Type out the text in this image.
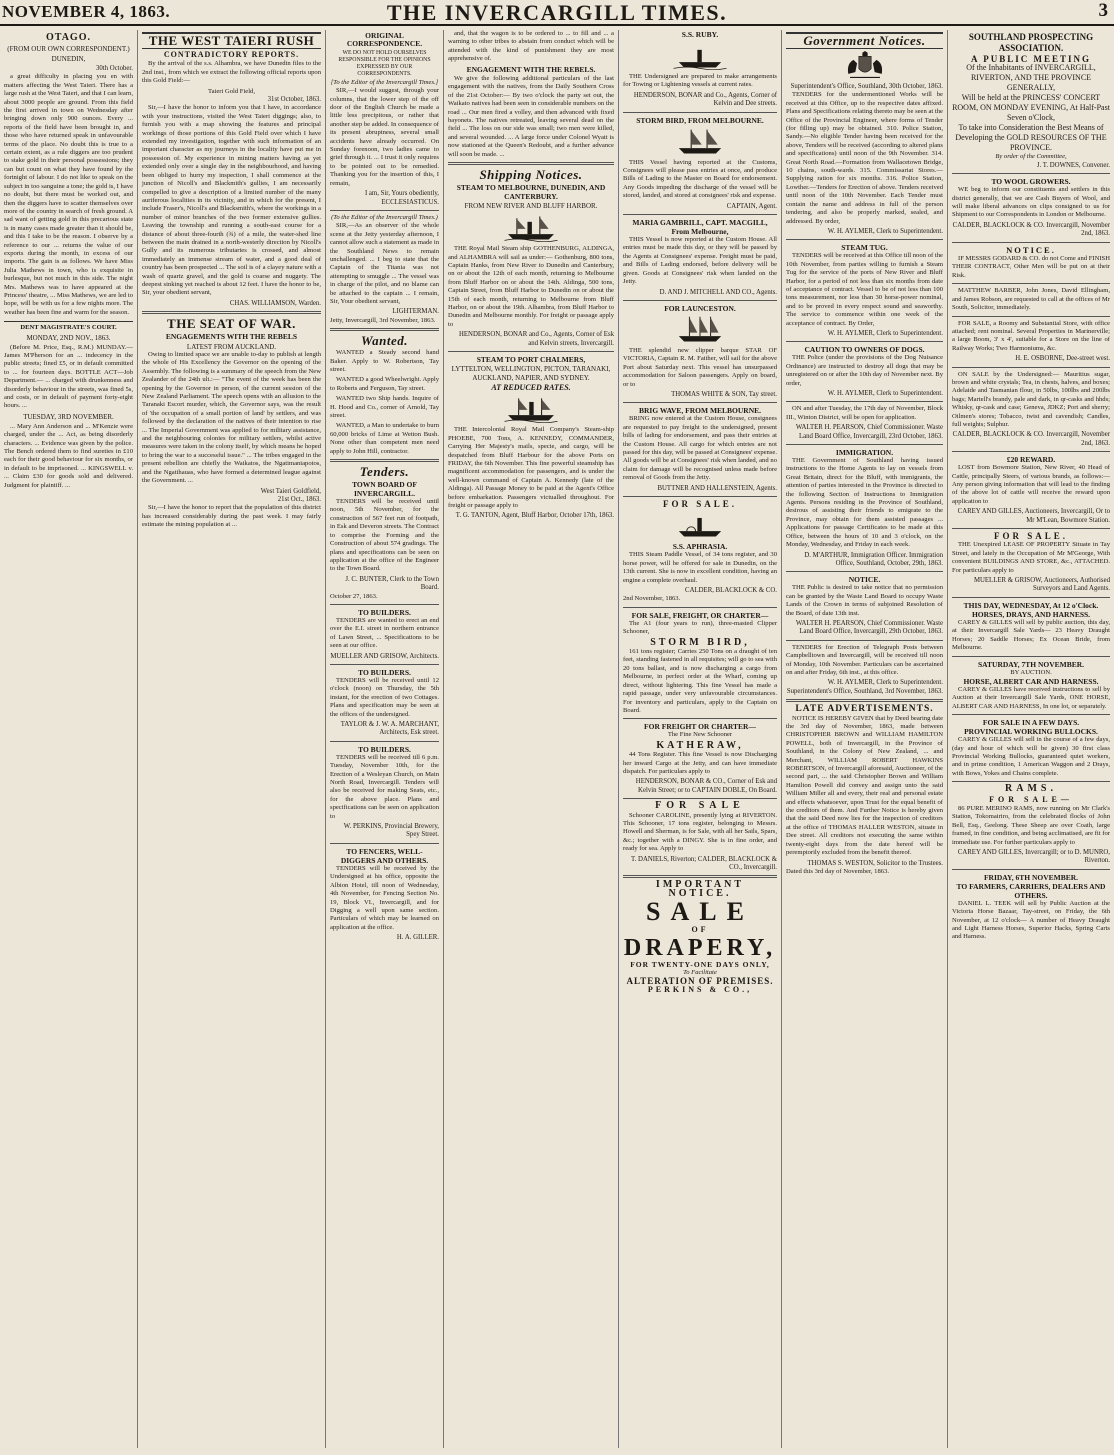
NOVEMBER 4, 1863.	THE INVERCARGILL TIMES.	3
OTAGO.
(FROM OUR OWN CORRESPONDENT.)
DUNEDIN,
30th October.

a great difficulty in placing you en with matters affecting the West Taieri. There has a large rush at the West Taieri, and that I can learn, about 3000 people are ground. From this field the first arrived in town on Wednesday after bringing down only 900 ounces. Every ... reports of the field have been brought in, and those who have returned speak in unfavourable terms of the place. No doubt this is true to a certain extent, as a rule diggers are too prudent to stake gold in their personal possessions; they can but count on what they have found by the fortnight of labour. I do not like to speak on the subject in too sanguine a tone; the gold is, I have no doubt, but there must be worked out, and then the diggers have to scatter themselves over more of the country in search of fresh ground. A sad want of getting gold in this precarious state is in many cases made greater than it should be, and this I take to be the reason. I observe by a reference to our ... returns the value of our exports during the month, in excess of our imports. The gain is as follows. We have Miss Julia Mathews in town, who is exquisite in burlesque, but not much in this side. The night Mrs. Mathews was to have appeared at the Princess' theatre, ... Miss Mathews, we are led to hope, will be with us for a few nights more. The weather has been fine and warm for the season.

DENT MAGISTRATE'S COURT.
MONDAY, 2ND NOV., 1863.

(Before M. Price, Esq., R.M.) MUNDAY.—James M'Pherson for an ... indecency in the public streets; fined £5, or in default committed to ... for fourteen days. BOTTLE ACT—Job Department.— ... charged with drunkenness and disorderly behaviour in the streets, was fined 5s, and costs, or in default of payment forty-eight hours. ...

TUESDAY, 3RD NOVEMBER.

... Mary Ann Anderson and ... M'Kenzie were charged, under the ... Act, as being disorderly characters. ... Evidence was given by the police. The Bench ordered them to find sureties in £10 each for their good behaviour for six months, or in default to be imprisoned. ... KINGSWELL v. ... Claim £30 for goods sold and delivered. Judgment for plaintiff. ...

THE WEST TAIERI RUSH
CONTRADICTORY REPORTS.

By the arrival of the s.s. Alhambra, we have Dunedin files to the 2nd inst., from which we extract the following official reports upon this Gold Field:—

Taieri Gold Field,
31st October, 1863.

Sir,—I have the honor to inform you that I have, in accordance with your instructions, visited the West Taieri diggings; also, to furnish you with a map showing the features and principal workings of those portions of this Gold Field over which I have extended my investigation, together with such information of an important character as my journeys in the locality have put me in possession of. My experience in mining matters having as yet extended only over a single day in the neighbourhood, and having been obliged to hurry my inspection, I shall commence at the junction of Nicoll's and Blackmith's gullies, I am necessarily compelled to give a description of a limited number of the many auriferous localities in its vicinity, and in which for the present, I include Fraser's, Nicoll's and Blacksmith's, where the workings in a number of minor branches of the two former extensive gullies. Leaving the township and running a south-east course for a distance of about three-fourth (¾) of a mile, the water-shed line between the main drained in a north-westerly direction by Nicoll's Gully and its numerous tributaries is crossed, and almost immediately an immense stream of water, and a good deal of country has been prospected ... The soil is of a clayey nature with a wash of quartz gravel, and the gold is coarse and nuggety. The deepest sinking yet reached is about 12 feet. I have the honor to be, Sir, your obedient servant,

CHAS. WILLIAMSON, Warden.
THE SEAT OF WAR.
ENGAGEMENTS WITH THE REBELS
LATEST FROM AUCKLAND.

Owing to limited space we are unable to-day to publish at length the whole of His Excellency the Governor on the opening of the Assembly. The following is a summary of the speech from the New Zealander of the 24th ult.:— "The event of the week has been the opening by the Governor in person, of the current session of the New Zealand Parliament. The speech opens with an allusion to the Taranaki Escort murder, which, the Governor says, was the result of 'the occupation of a small portion of land' by settlers, and was followed by the declaration of the natives of their intention to rise ... The Imperial Government was applied to for military assistance, and the neighbouring colonies for military settlers, whilst active measures were taken in the colony itself, by which means he hoped to bring the war to a successful issue." ... The tribes engaged in the present rebellion are chiefly the Waikatos, the Ngatimaniapotos, and the Ngatihauas, who have formed a determined league against the Government. ...

West Taieri Goldfield,
21st Oct., 1863.

Sir,—I have the honor to report that the population of this district has increased considerably during the past week. I may fairly estimate the mining population at ...

ORIGINAL CORRESPONDENCE.
WE DO NOT HOLD OURSELVES RESPONSIBLE FOR THE OPINIONS EXPRESSED BY OUR CORRESPONDENTS.
[To the Editor of the Invercargill Times.]

SIR,—I would suggest, through your columns, that the lower step of the off door of the English Church be made a little less precipitous, or rather that another step be added. In consequence of its present abruptness, several small accidents have already occurred. On Sunday forenoon, two ladies came to grief through it. ... I trust it only requires to be pointed out to be remedied. Thanking you for the insertion of this, I remain,

I am, Sir, Yours obediently,
ECCLESIASTICUS.
(To the Editor of the Invercargill Times.)

SIR,—As an observer of the whole scene at the Jetty yesterday afternoon, I cannot allow such a statement as made in the Southland News to remain unchallenged. ... I beg to state that the Captain of the Titania was not attempting to smuggle ... The vessel was in charge of the pilot, and no blame can be attached to the captain ... I remain, Sir, Your obedient servant,

LIGHTERMAN.
Jetty, Invercargill, 3rd November, 1863.
Wanted.

WANTED a Steady second hand Baker. Apply to W. Robertson, Tay street.

WANTED a good Wheelwright. Apply to Roberts and Ferguson, Tay street.

WANTED two Ship hands. Inquire of H. Hood and Co., corner of Arnold, Tay street.

WANTED, a Man to undertake to burn 60,000 bricks of Lime at Wetton Bush. None other than competent men need apply to John Hill, contractor.

Tenders.
TOWN BOARD OF INVERCARGILL.

TENDERS will be received until noon, 5th November, for the construction of 567 feet run of footpath, in Esk and Deveron streets. The Contract to comprise the Forming and the Construction of about 574 gradings. The plans and specifications can be seen on application at the office of the Engineer to the Town Board.

J. C. BUNTER, Clerk to the Town Board.
October 27, 1863.
TO BUILDERS.

TENDERS are wanted to erect an end over the E.I. street in northern entrance of Lawn Street, ... Specifications to be seen at our office.

MUELLER AND GRISOW, Architects.
TO BUILDERS.

TENDERS will be received until 12 o'clock (noon) on Thursday, the 5th instant, for the erection of two Cottages. Plans and specification may be seen at the offices of the undersigned.

TAYLOR & J. W. A. MARCHANT, Architects, Esk street.
TO BUILDERS.

TENDERS will be received till 6 p.m. Tuesday, November 10th, for the Erection of a Wesleyan Church, on Main North Road, Invercargill. Tenders will also be received for making Seats, etc., for the above place. Plans and specifications can be seen on application to

W. PERKINS, Provincial Brewery, Spey Street.
TO FENCERS, WELL-DIGGERS AND OTHERS.

TENDERS will be received by the Undersigned at his office, opposite the Albion Hotel, till noon of Wednesday, 4th November, for Fencing Section No. 19, Block VI., Invercargill, and for Digging a well upon same section. Particulars of which may be learned on application at the office.

H. A. GILLER.

and, that the wagon is to be ordered to ... to fill and ... a warning to other tribes to abstain from conduct which will be attended with the kind of punishment they are most apprehensive of.

ENGAGEMENT WITH THE REBELS.

We give the following additional particulars of the last engagement with the natives, from the Daily Southern Cross of the 21st October:— By two o'clock the party set out, the Waikato natives had been seen in considerable numbers on the road ... Our men fired a volley, and then advanced with fixed bayonets. The natives retreated, leaving several dead on the field ... The loss on our side was small; two men were killed, and several wounded. ... A large force under Colonel Wyatt is now stationed at the Queen's Redoubt, and a further advance will soon be made. ...

Shipping Notices.
STEAM TO MELBOURNE, DUNEDIN, AND CANTERBURY.
FROM NEW RIVER AND BLUFF HARBOR.

THE Royal Mail Steam ship GOTHENBURG, ALDINGA, and ALHAMBRA will sail as under:— Gothenburg, 800 tons, Captain Hanks, from New River to Dunedin and Canterbury, on or about the 12th of each month, returning to Melbourne from Bluff Harbor on or about the 14th. Aldinga, 500 tons, Captain Street, from Bluff Harbor to Dunedin on or about the 15th of each month, returning to Melbourne from Bluff Harbor, on or about the 19th. Alhambra, from Bluff Harbor to Dunedin and Melbourne monthly. For freight or passage apply to

HENDERSON, BONAR and Co., Agents, Corner of Esk and Kelvin streets, Invercargill.
STEAM TO PORT CHALMERS,
LYTTELTON, WELLINGTON, PICTON, TARANAKI, AUCKLAND, NAPIER, AND SYDNEY.
AT REDUCED RATES.

THE Intercolonial Royal Mail Company's Steam-ship PHOEBE, 700 Tons, A. KENNEDY, COMMANDER, Carrying Her Majesty's mails, specie, and cargo, will be despatched from Bluff Harbour for the above Ports on FRIDAY, the 6th November. This fine powerful steamship has magnificent accommodation for passengers, and is under the well-known command of Captain A. Kennedy (late of the Aldinga). All Passage Money to be paid at the Agent's Office before embarkation. Passengers victualled throughout. For freight or passage apply to

T. G. TANTON, Agent, Bluff Harbor, October 17th, 1863.
S.S. RUBY.

THE Undersigned are prepared to make arrangements for Towing or Lightening vessels at current rates.

HENDERSON, BONAR and Co., Agents, Corner of Kelvin and Dee streets.
STORM BIRD, FROM MELBOURNE.

THIS Vessel having reported at the Customs, Consignees will please pass entries at once, and produce Bills of Lading to the Master on Board for endorsement. Any Goods impeding the discharge of the vessel will be stored, landed, and stored at consignees' risk and expense.

CAPTAIN, Agent.
MARIA GAMBRILL, CAPT. MACGILL, From Melbourne,

THIS Vessel is now reported at the Custom House. All entries must be made this day, or they will be passed by the Agents at Consignees' expense. Freight must be paid, and Bills of Lading endorsed, before delivery will be given. Goods at Consignees' risk when landed on the Jetty.

D. AND J. MITCHELL AND CO., Agents.
FOR LAUNCESTON.

THE splendid new clipper barque STAR OF VICTORIA, Captain R. M. Faither, will sail for the above Port about Saturday next. This vessel has unsurpassed accommodation for Saloon passengers. Apply on board, or to

THOMAS WHITE & SON, Tay street.
BRIG WAVE, FROM MELBOURNE.

BRING now entered at the Custom House, consignees are requested to pay freight to the undersigned, present bills of lading for endorsement, and pass their entries at the Custom House. All cargo for which entries are not passed for this day, will be passed at Consignees' expense. All goods will be at Consignees' risk when landed, and no claim for damage will be recognised unless made before removal of Goods from the Jetty.

BUTTNER AND HALLENSTEIN, Agents.
FOR SALE.
S.S. APHRASIA.

THIS Steam Paddle Vessel, of 34 tons register, and 30 horse power, will be offered for sale in Dunedin, on the 13th current. She is now in excellent condition, having an engine a complete overhaul.

CALDER, BLACKLOCK & CO.
2nd November, 1863.
FOR SALE, FREIGHT, OR CHARTER—

The A1 (four years to run), three-masted Clipper Schooner,

STORM BIRD,

161 tons register; Carries 250 Tons on a draught of ten feet, standing fastened in all requisites; will go to sea with 20 tons ballast, and is now discharging a cargo from Melbourne, in perfect order at the Wharf, coming up direct, without lightering. This fine Vessel has made a rapid passage, under very unfavourable circumstances. For inventory and particulars, apply to the Captain on Board.

FOR FREIGHT OR CHARTER—
The Fine New Schooner
KATHERAW,

44 Tons Register. This fine Vessel is now Discharging her inward Cargo at the Jetty, and can have immediate dispatch. For particulars apply to

HENDERSON, BONAR & CO., Corner of Esk and Kelvin Street; or to CAPTAIN DOBLE, On Board.
FOR SALE

Schooner CAROLINE, presently lying at RIVERTON. This Schooner, 17 tons register, belonging to Messrs. Howell and Sherman, is for Sale, with all her Sails, Spars, &c.; together with a DINGY. She is in fine order, and ready for sea. Apply to

T. DANIELS, Riverton; CALDER, BLACKLOCK & CO., Invercargill.
IMPORTANT NOTICE.
SALE
OF
DRAPERY,
FOR TWENTY-ONE DAYS ONLY,
To Facilitate
ALTERATION OF PREMISES.
PERKINS & CO.,
Government Notices.
Superintendent's Office, Southland, 30th October, 1863.

TENDERS for the undermentioned Works will be received at this Office, up to the respective dates affixed. Plans and Specifications relating thereto may be seen at the Office of the Provincial Engineer, where forms of Tender (for filling up) may be obtained. 310. Police Station, Sandy.—No eligible Tender having been received for the above, Tenders will be received (according to altered plans and specifications) until noon of the 9th November. 314. Great North Road.—Formation from Wallacetown Bridge, 10 chains, south-wards. 315. Commissariat Stores.—Supplying ration for six months. 316. Police Station, Lowther.—Tenders for Erection of above. Tenders received until noon of the 10th November. Each Tender must contain the name and address in full of the person tendering, and also be properly marked, sealed, and addressed. By order,

W. H. AYLMER, Clerk to Superintendent.
STEAM TUG.

TENDERS will be received at this Office till noon of the 10th November, from parties willing to furnish a Steam Tug for the service of the ports of New River and Bluff Harbor, for a period of not less than six months from date of acceptance of contract. Vessel to be of not less than 100 tons measurement, nor less than 30 horse-power nominal, and to be proved in every respect sound and seaworthy. The service to commence within one week of the acceptance of contract. By Order,

W. H. AYLMER, Clerk to Superintendent.
CAUTION TO OWNERS OF DOGS.

THE Police (under the provisions of the Dog Nuisance Ordinance) are instructed to destroy all dogs that may be unregistered on or after the 10th day of November next. By order,

W. H. AYLMER, Clerk to Superintendent.

ON and after Tuesday, the 17th day of November, Block III., Winton District, will be open for application.

WALTER H. PEARSON, Chief Commissioner. Waste Land Board Office, Invercargill, 23rd October, 1863.
IMMIGRATION.

THE Government of Southland having issued instructions to the Home Agents to lay on vessels from Great Britain, direct for the Bluff, with immigrants, the attention of parties interested in the Province is directed to the following Section of Instructions to Immigration Agents. Persons residing in the Province of Southland, desirous of assisting their friends to emigrate to the Province, may obtain for them assisted passages ... Applications for passage Certificates to be made at this Office, between the hours of 10 and 3 o'clock, on the Monday, Wednesday, and Friday in each week.

D. M'ARTHUR, Immigration Officer. Immigration Office, Southland, October, 29th, 1863.
NOTICE.

THE Public is desired to take notice that no permission can be granted by the Waste Land Board to occupy Waste Lands of the Crown in terms of subjoined Resolution of the Board, of date 13th inst.

WALTER H. PEARSON, Chief Commissioner. Waste Land Board Office, Invercargill, 29th October, 1863.

TENDERS for Erection of Telegraph Posts between Campbelltown and Invercargill, will be received till noon of Monday, 10th November. Particulars can be ascertained on and after Friday, 6th inst., at this office.

W. H. AYLMER, Clerk to Superintendent. Superintendent's Office, Southland, 3rd November, 1863.
LATE ADVERTISEMENTS.

NOTICE IS HEREBY GIVEN that by Deed bearing date the 3rd day of November, 1863, made between CHRISTOPHER BROWN and WILLIAM HAMILTON POWELL, both of Invercargill, in the Province of Southland, in the Colony of New Zealand, ... and Merchant, WILLIAM ROBERT HAWKINS ROBERTSON, of Invercargill aforesaid, Auctioneer, of the second part, ... the said Christopher Brown and William Hamilton Powell did convey and assign unto the said William Miller all and every, their real and personal estate and effects whatsoever, upon Trust for the equal benefit of the creditors of them. And Further Notice is hereby given that the said Deed now lies for the inspection of creditors at the office of THOMAS HALLER WESTON, situate in Dee street. All creditors not executing the same within twenty-eight days from the date hereof will be peremptorily excluded from the benefit thereof.

THOMAS S. WESTON, Solicitor to the Trustees.
Dated this 3rd day of November, 1863.
SOUTHLAND PROSPECTING ASSOCIATION.
A PUBLIC MEETING
Of the Inhabitants of INVERCARGILL, RIVERTON, AND THE PROVINCE GENERALLY,
Will be held at the PRINCESS' CONCERT ROOM, ON MONDAY EVENING, At Half-Past Seven o'Clock,
To take into Consideration the Best Means of Developing the GOLD RESOURCES OF THE PROVINCE.
By order of the Committee,
J. T. DOWNES, Convener.
TO WOOL GROWERS.

WE beg to inform our constituents and settlers in this district generally, that we are Cash Buyers of Wool, and will make liberal advances on clips consigned to us for Shipment to our Correspondents in London or Melbourne.

CALDER, BLACKLOCK & CO. Invercargill, November 2nd, 1863.
NOTICE.

IF MESSRS GODARD & CO. do not Come and FINISH THEIR CONTRACT, Other Men will be put on at their Risk.

MATTHEW BARBER, John Jones, David Ellingham, and James Robson, are requested to call at the offices of Mr South, Solicitor, immediately.

FOR SALE, a Roomy and Substantial Store, with office attached; rent nominal. Several Properties in Marinerville; a large Boom, 3' x 4', suitable for a Store on the line of Railway Works; Two Harmoniums, &c.

H. E. OSBORNE, Dee-street west.

ON SALE by the Undersigned:— Mauritius sugar, brown and white crystals; Tea, in chests, halves, and boxes; Adelaide and Tasmanian flour, in 50lbs, 100lbs and 200lbs bags; Martell's brandy, pale and dark, in qr-casks and hhds; Whisky, qr-cask and case; Geneva, JDKZ; Port and sherry; Oilmen's stores; Tobacco, twist and cavendish; Candles, full weights; Sulphur.

CALDER, BLACKLOCK & CO. Invercargill, November 2nd, 1863.
£20 REWARD.

LOST from Bowmore Station, New River, 40 Head of Cattle, principally Steers, of various brands, as follows:— Any person giving information that will lead to the finding of the above lot of cattle will receive the reward upon application to

CAREY AND GILLES, Auctioneers, Invercargill, Or to Mr M'Lean, Bowmore Station.
FOR SALE.

THE Unexpired LEASE OF PROPERTY Situate in Tay Street, and lately in the Occupation of Mr M'George, With convenient BUILDINGS AND STORE, &c., ATTACHED. For particulars apply to

MUELLER & GRISOW, Auctioneers, Authorised Surveyors and Land Agents.
THIS DAY, WEDNESDAY, At 12 o'Clock.
HORSES, DRAYS, AND HARNESS.

CAREY & GILLES will sell by public auction, this day, at their Invercargill Sale Yards— 23 Heavy Draught Horses; 20 Saddle Horses; Ex Ocean Bride, from Melbourne.

SATURDAY, 7TH NOVEMBER.
BY AUCTION.
HORSE, ALBERT CAR AND HARNESS.

CAREY & GILLES have received instructions to sell by Auction at their Invercargill Sale Yards, ONE HORSE, ALBERT CAR AND HARNESS, In one lot, or separately.

FOR SALE IN A FEW DAYS.
PROVINCIAL WORKING BULLOCKS.

CAREY & GILLES will sell in the course of a few days, (day and hour of which will be given) 30 first class Provincial Working Bullocks, guaranteed quiet workers, and in prime condition, 1 American Waggon and 2 Drays, with Bows, Yokes and Chains complete.

RAMS.
FOR SALE—

86 PURE MERINO RAMS, now running on Mr Clark's Station, Tokomairiro, from the celebrated flocks of John Bell, Esq., Geelong. These Sheep are over Coath, large framed, in fine condition, and being acclimatised, are fit for immediate use. For further particulars apply to

CAREY AND GILLES, Invercargill; or to D. MUNRO, Riverton.
FRIDAY, 6TH NOVEMBER.
TO FARMERS, CARRIERS, DEALERS AND OTHERS.

DANIEL L. TEEK will sell by Public Auction at the Victoria Horse Bazaar, Tay-street, on Friday, the 6th November, at 12 o'clock— A number of Heavy Draught and Light Harness Horses, Superior Hacks, Spring Carts and Harness.
